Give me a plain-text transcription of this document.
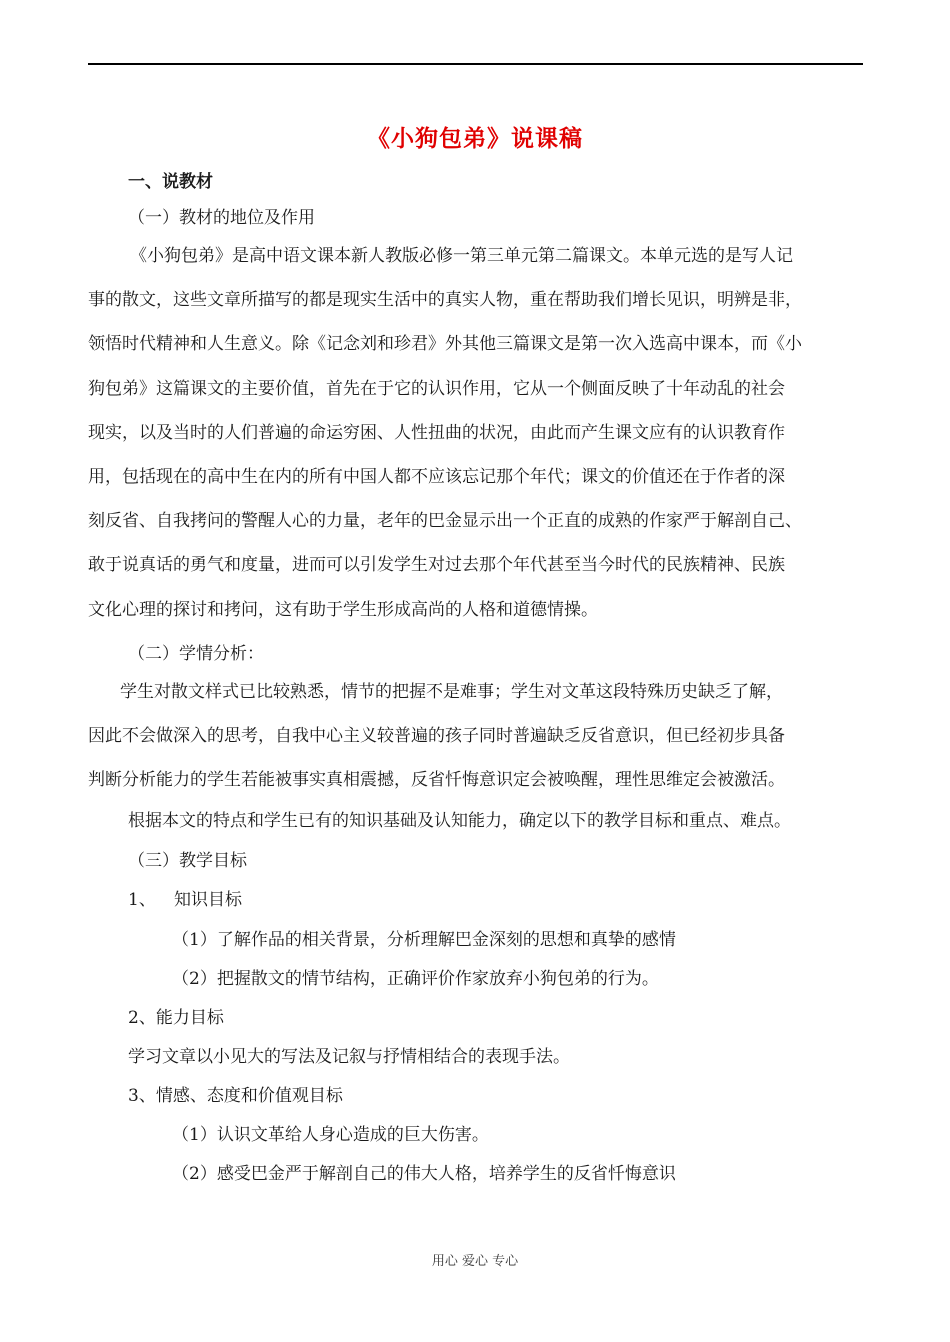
《小狗包弟》说课稿
一、说教材
（一）教材的地位及作用
《小狗包弟》是高中语文课本新人教版必修一第三单元第二篇课文。本单元选的是写人记
事的散文，这些文章所描写的都是现实生活中的真实人物，重在帮助我们增长见识，明辨是非，
领悟时代精神和人生意义。除《记念刘和珍君》外其他三篇课文是第一次入选高中课本，而《小
狗包弟》这篇课文的主要价值，首先在于它的认识作用，它从一个侧面反映了十年动乱的社会
现实，以及当时的人们普遍的命运穷困、人性扭曲的状况，由此而产生课文应有的认识教育作
用，包括现在的高中生在内的所有中国人都不应该忘记那个年代；课文的价值还在于作者的深
刻反省、自我拷问的警醒人心的力量，老年的巴金显示出一个正直的成熟的作家严于解剖自己、
敢于说真话的勇气和度量，进而可以引发学生对过去那个年代甚至当今时代的民族精神、民族
文化心理的探讨和拷问，这有助于学生形成高尚的人格和道德情操。
（二）学情分析：
学生对散文样式已比较熟悉，情节的把握不是难事；学生对文革这段特殊历史缺乏了解，
因此不会做深入的思考，自我中心主义较普遍的孩子同时普遍缺乏反省意识，但已经初步具备
判断分析能力的学生若能被事实真相震撼，反省忏悔意识定会被唤醒，理性思维定会被激活。
根据本文的特点和学生已有的知识基础及认知能力，确定以下的教学目标和重点、难点。
（三）教学目标
1、 知识目标
（1）了解作品的相关背景，分析理解巴金深刻的思想和真挚的感情
（2）把握散文的情节结构，正确评价作家放弃小狗包弟的行为。
2、能力目标
学习文章以小见大的写法及记叙与抒情相结合的表现手法。
3、情感、态度和价值观目标
（1）认识文革给人身心造成的巨大伤害。
（2）感受巴金严于解剖自己的伟大人格，培养学生的反省忏悔意识
用心 爱心 专心
